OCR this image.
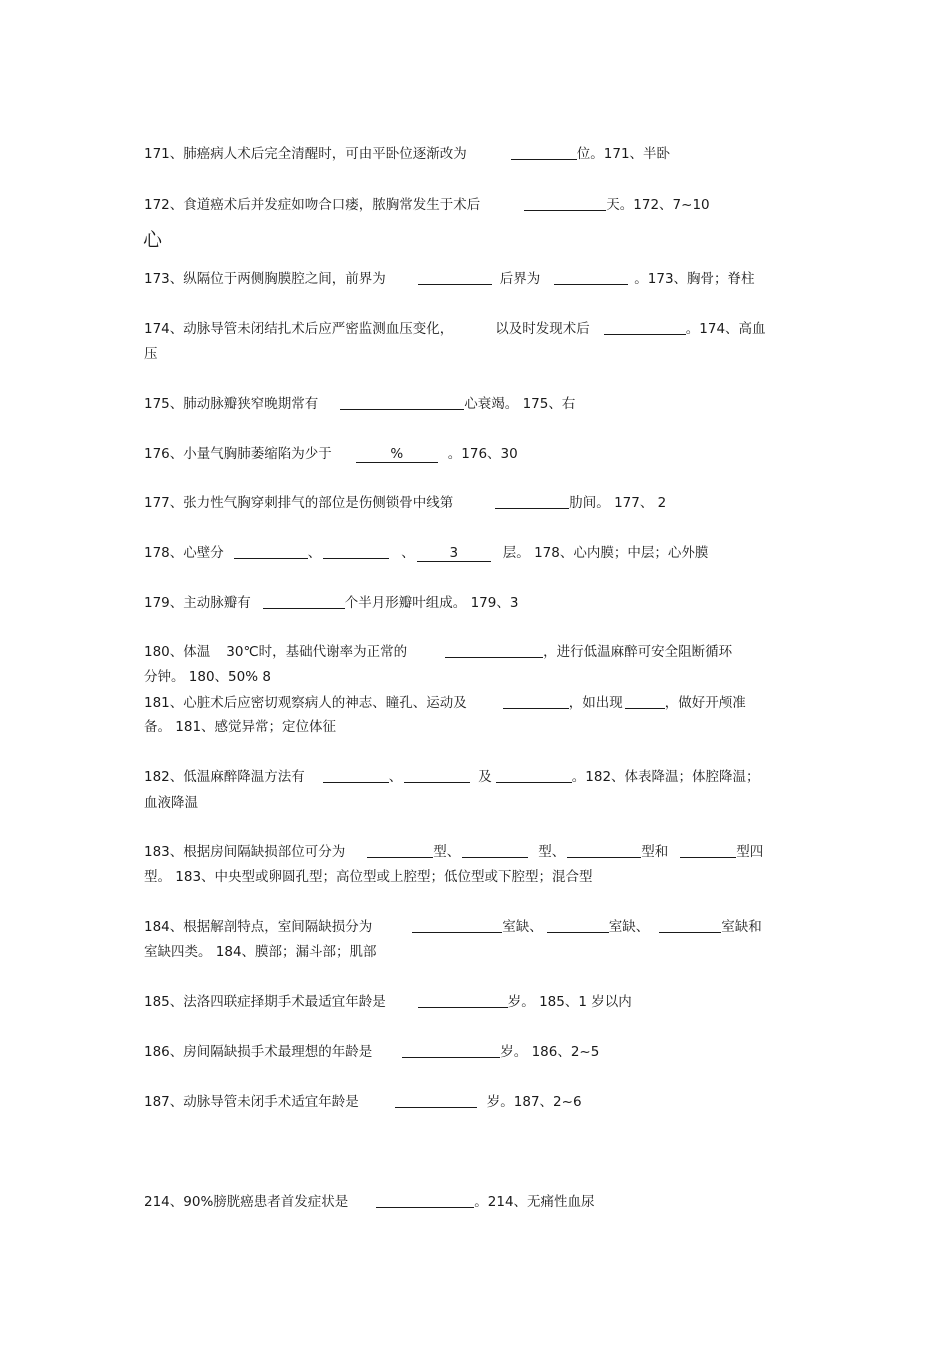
171、肺癌病人术后完全清醒时，可由平卧位逐渐改为	位。171、半卧
172、食道癌术后并发症如吻合口瘘，脓胸常发生于术后	天。172、7~10
心
173、纵隔位于两侧胸膜腔之间，前界为	后界为	。173、胸骨；脊柱
174、动脉导管未闭结扎术后应严密监测血压变化，	以及时发现术后	。174、高血
压
175、肺动脉瓣狭窄晚期常有	心衰竭。 175、右
176、小量气胸肺萎缩陷为少于	%	。176、30
177、张力性气胸穿刺排气的部位是伤侧锁骨中线第	肋间。 177、 2
178、心壁分	、	、	3	层。 178、心内膜；中层；心外膜
179、主动脉瓣有	个半月形瓣叶组成。 179、3
180、体温 30℃时，基础代谢率为正常的	，进行低温麻醉可安全阻断循环
分钟。 180、50% 8
181、心脏术后应密切观察病人的神志、瞳孔、运动及	，如出现	，做好开颅准
备。 181、感觉异常；定位体征
182、低温麻醉降温方法有	、	及	。182、体表降温；体腔降温；
血液降温
183、根据房间隔缺损部位可分为	型、	型、	型和	型四
型。 183、中央型或卵圆孔型；高位型或上腔型；低位型或下腔型；混合型
184、根据解剖特点，室间隔缺损分为	室缺、	室缺、	室缺和
室缺四类。 184、膜部；漏斗部；肌部
185、法洛四联症择期手术最适宜年龄是	岁。 185、1 岁以内
186、房间隔缺损手术最理想的年龄是	岁。 186、2~5
187、动脉导管未闭手术适宜年龄是	岁。187、2~6
214、90%膀胱癌患者首发症状是	。214、无痛性血尿
